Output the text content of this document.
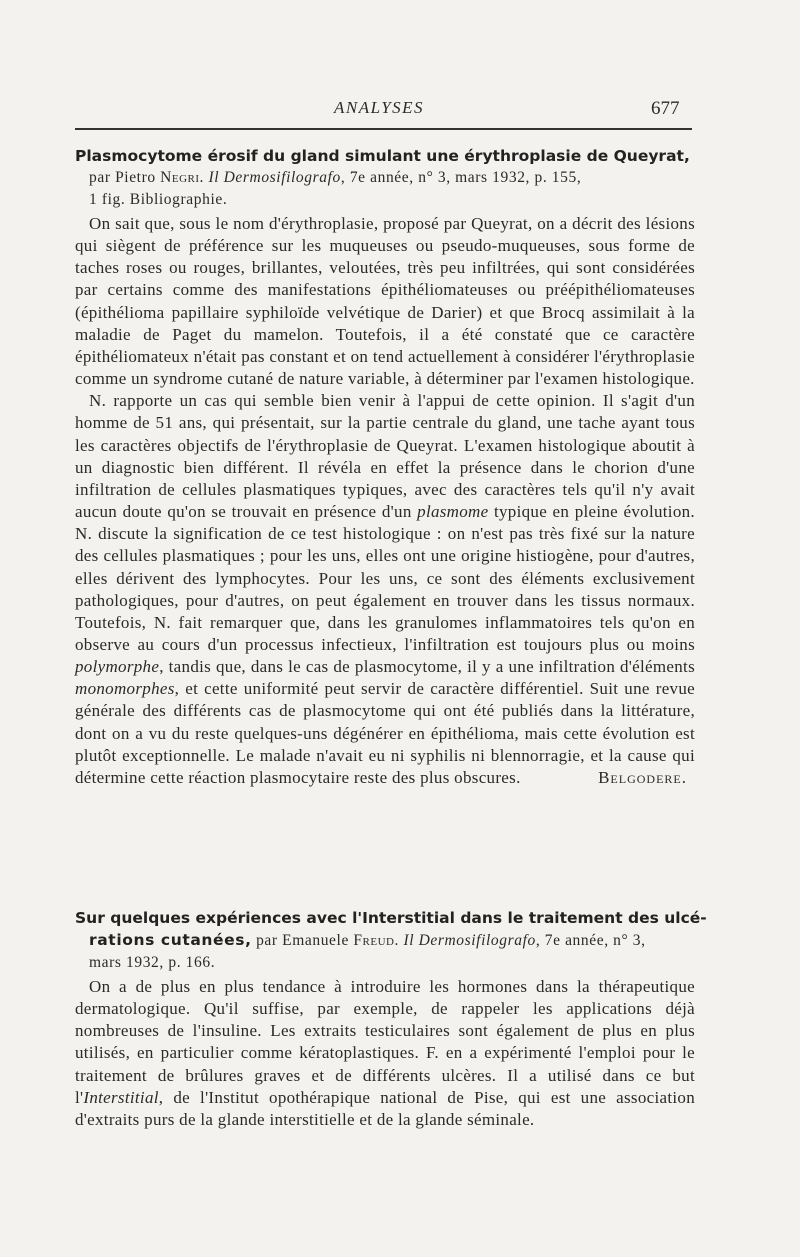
ANALYSES	677
Plasmocytome érosif du gland simulant une érythroplasie de Queyrat,
par Pietro Negri. Il Dermosifilografo, 7e année, n° 3, mars 1932, p. 155,
1 fig. Bibliographie.

On sait que, sous le nom d'érythroplasie, proposé par Queyrat, on a décrit des lésions qui siègent de préférence sur les muqueuses ou pseudo-muqueuses, sous forme de taches roses ou rouges, brillantes, veloutées, très peu infiltrées, qui sont considérées par certains comme des manifestations épithéliomateuses ou préépithéliomateuses (épithélioma papillaire syphiloïde velvétique de Darier) et que Brocq assimilait à la maladie de Paget du mamelon. Toutefois, il a été constaté que ce caractère épithéliomateux n'était pas constant et on tend actuellement à considérer l'érythroplasie comme un syndrome cutané de nature variable, à déterminer par l'examen histologique.

N. rapporte un cas qui semble bien venir à l'appui de cette opinion. Il s'agit d'un homme de 51 ans, qui présentait, sur la partie centrale du gland, une tache ayant tous les caractères objectifs de l'érythroplasie de Queyrat. L'examen histologique aboutit à un diagnostic bien différent. Il révéla en effet la présence dans le chorion d'une infiltration de cellules plasmatiques typiques, avec des caractères tels qu'il n'y avait aucun doute qu'on se trouvait en présence d'un plasmome typique en pleine évolution. N. discute la signification de ce test histologique : on n'est pas très fixé sur la nature des cellules plasmatiques ; pour les uns, elles ont une origine histiogène, pour d'autres, elles dérivent des lymphocytes. Pour les uns, ce sont des éléments exclusivement pathologiques, pour d'autres, on peut également en trouver dans les tissus normaux. Toutefois, N. fait remarquer que, dans les granulomes inflammatoires tels qu'on en observe au cours d'un processus infectieux, l'infiltration est toujours plus ou moins polymorphe, tandis que, dans le cas de plasmocytome, il y a une infiltration d'éléments monomorphes, et cette uniformité peut servir de caractère différentiel. Suit une revue générale des différents cas de plasmocytome qui ont été publiés dans la littérature, dont on a vu du reste quelques-uns dégénérer en épithélioma, mais cette évolution est plutôt exceptionnelle. Le malade n'avait eu ni syphilis ni blennorragie, et la cause qui détermine cette réaction plasmocytaire reste des plus obscures.	Belgodere.

Sur quelques expériences avec l'Interstitial dans le traitement des ulcé-
rations cutanées, par Emanuele Freud. Il Dermosifilografo, 7e année, n° 3,
mars 1932, p. 166.

On a de plus en plus tendance à introduire les hormones dans la thérapeutique dermatologique. Qu'il suffise, par exemple, de rappeler les applications déjà nombreuses de l'insuline. Les extraits testiculaires sont également de plus en plus utilisés, en particulier comme kératoplastiques. F. en a expérimenté l'emploi pour le traitement de brûlures graves et de différents ulcères. Il a utilisé dans ce but l'Interstitial, de l'Institut opothérapique national de Pise, qui est une association d'extraits purs de la glande interstitielle et de la glande séminale.
